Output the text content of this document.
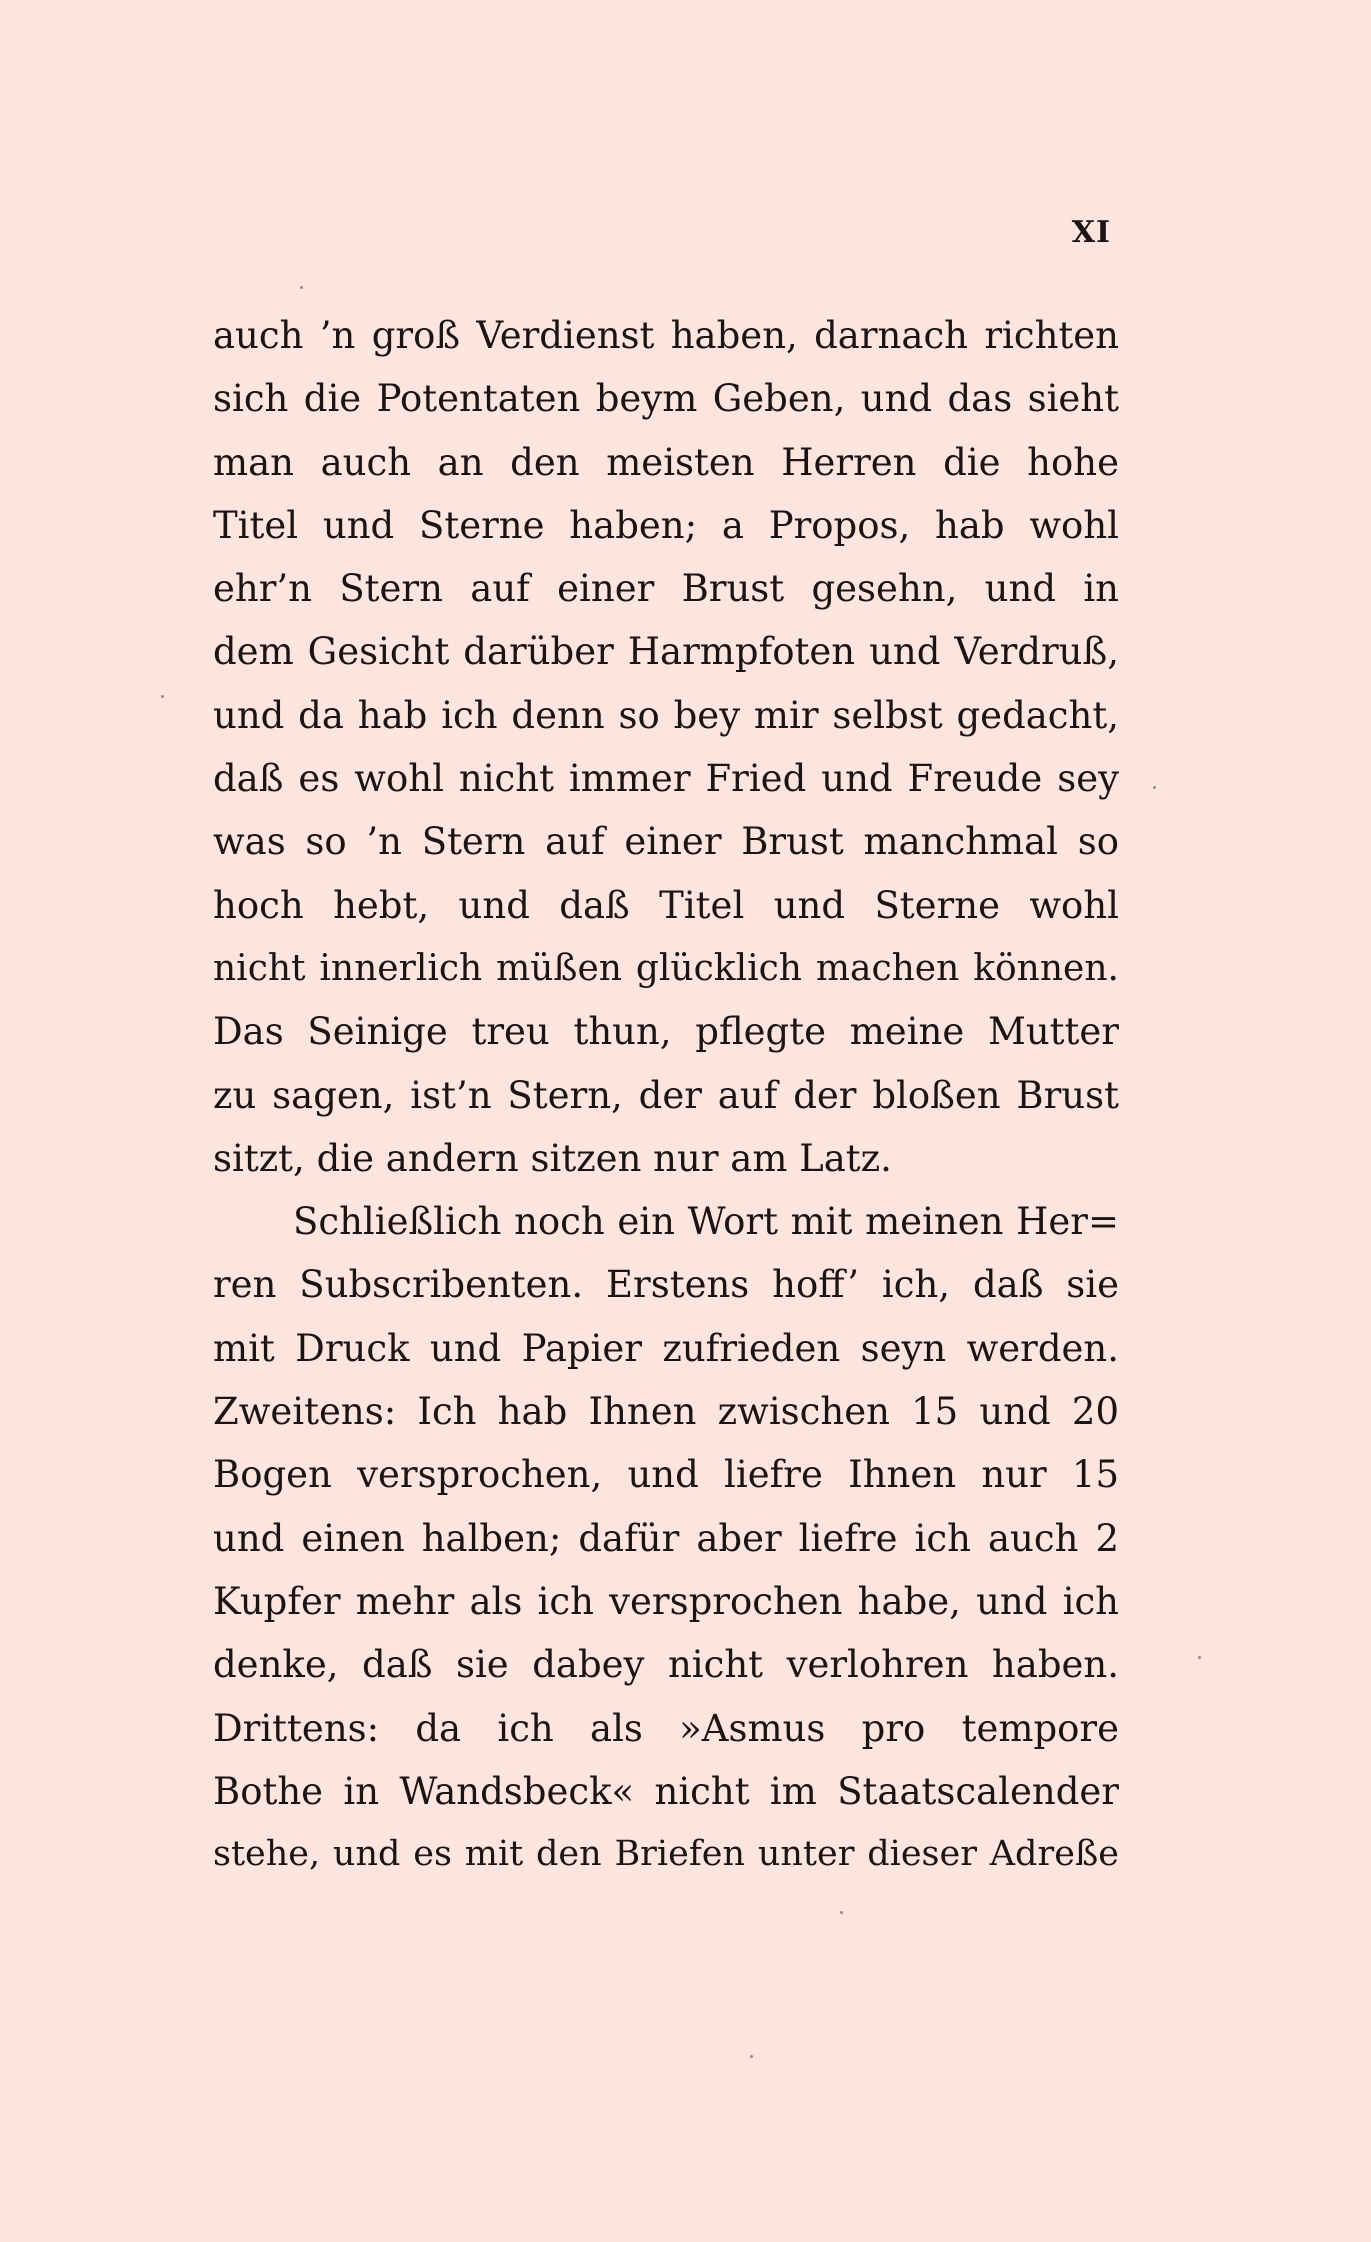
XI
auch ’n groß Verdienst haben, darnach richten
sich die Potentaten beym Geben, und das sieht
man auch an den meisten Herren die hohe
Titel und Sterne haben; a Propos, hab wohl
ehr’n Stern auf einer Brust gesehn, und in
dem Gesicht darüber Harmpfoten und Verdruß,
und da hab ich denn so bey mir selbst gedacht,
daß es wohl nicht immer Fried und Freude sey
was so ’n Stern auf einer Brust manchmal so
hoch hebt, und daß Titel und Sterne wohl
nicht innerlich müßen glücklich machen können.
Das Seinige treu thun, pflegte meine Mutter
zu sagen, ist’n Stern, der auf der bloßen Brust
sitzt, die andern sitzen nur am Latz.
Schließlich noch ein Wort mit meinen Her=
ren Subscribenten. Erstens hoff’ ich, daß sie
mit Druck und Papier zufrieden seyn werden.
Zweitens: Ich hab Ihnen zwischen 15 und 20
Bogen versprochen, und liefre Ihnen nur 15
und einen halben; dafür aber liefre ich auch 2
Kupfer mehr als ich versprochen habe, und ich
denke, daß sie dabey nicht verlohren haben.
Drittens: da ich als »Asmus pro tempore
Bothe in Wandsbeck« nicht im Staatscalender
stehe, und es mit den Briefen unter dieser Adreße
